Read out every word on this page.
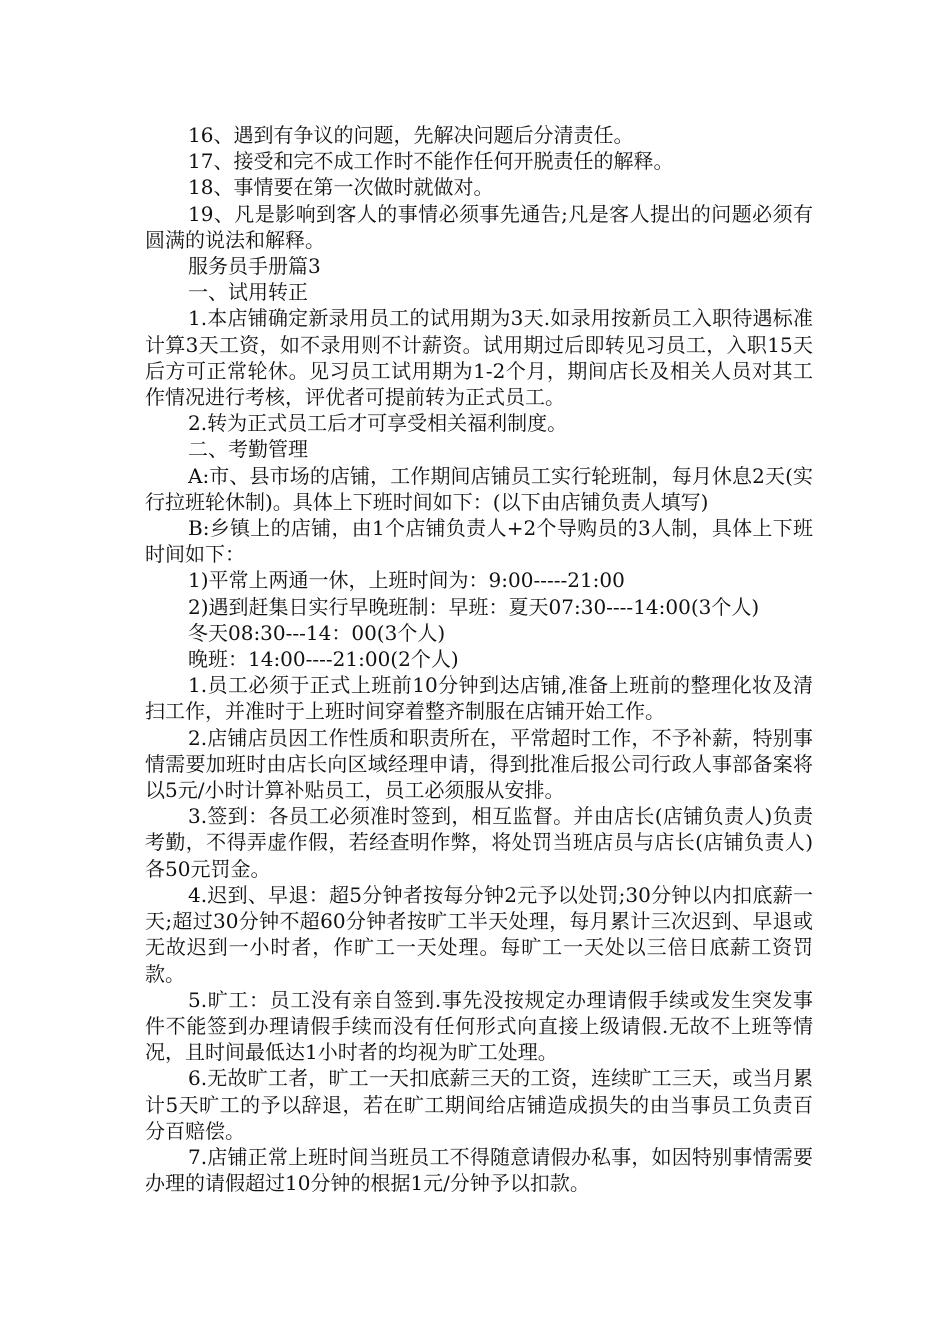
16、遇到有争议的问题，先解决问题后分清责任。

17、接受和完不成工作时不能作任何开脱责任的解释。

18、事情要在第一次做时就做对。

19、凡是影响到客人的事情必须事先通告;凡是客人提出的问题必须有圆满的说法和解释。

服务员手册篇3

一、试用转正

1.本店铺确定新录用员工的试用期为3天.如录用按新员工入职待遇标准计算3天工资，如不录用则不计薪资。试用期过后即转见习员工，入职15天后方可正常轮休。见习员工试用期为1-2个月，期间店长及相关人员对其工作情况进行考核，评优者可提前转为正式员工。

2.转为正式员工后才可享受相关福利制度。

二、考勤管理

A:市、县市场的店铺，工作期间店铺员工实行轮班制，每月休息2天(实行拉班轮休制)。具体上下班时间如下：(以下由店铺负责人填写)

B:乡镇上的店铺，由1个店铺负责人+2个导购员的3人制，具体上下班时间如下：

1)平常上两通一休，上班时间为：9:00-----21:00

2)遇到赶集日实行早晚班制：早班：夏天07:30----14:00(3个人)

冬天08:30---14：00(3个人)

晚班：14:00----21:00(2个人)

1.员工必须于正式上班前10分钟到达店铺,准备上班前的整理化妆及清扫工作，并准时于上班时间穿着整齐制服在店铺开始工作。

2.店铺店员因工作性质和职责所在，平常超时工作，不予补薪，特别事情需要加班时由店长向区域经理申请，得到批准后报公司行政人事部备案将以5元/小时计算补贴员工，员工必须服从安排。

3.签到：各员工必须准时签到，相互监督。并由店长(店铺负责人)负责考勤，不得弄虚作假，若经查明作弊，将处罚当班店员与店长(店铺负责人)各50元罚金。

4.迟到、早退：超5分钟者按每分钟2元予以处罚;30分钟以内扣底薪一天;超过30分钟不超60分钟者按旷工半天处理，每月累计三次迟到、早退或无故迟到一小时者，作旷工一天处理。每旷工一天处以三倍日底薪工资罚款。

5.旷工：员工没有亲自签到.事先没按规定办理请假手续或发生突发事件不能签到办理请假手续而没有任何形式向直接上级请假.无故不上班等情况，且时间最低达1小时者的均视为旷工处理。

6.无故旷工者，旷工一天扣底薪三天的工资，连续旷工三天，或当月累计5天旷工的予以辞退，若在旷工期间给店铺造成损失的由当事员工负责百分百赔偿。

7.店铺正常上班时间当班员工不得随意请假办私事，如因特别事情需要办理的请假超过10分钟的根据1元/分钟予以扣款。
